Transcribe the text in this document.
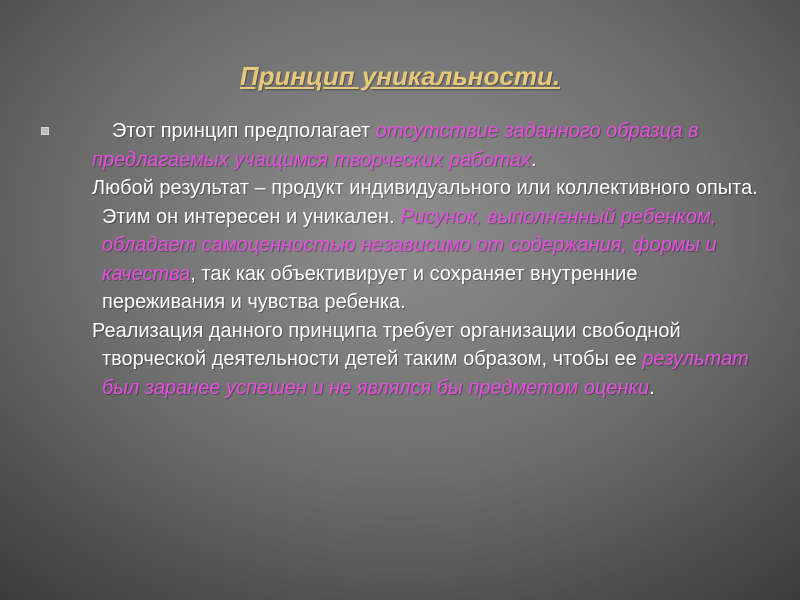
Принцип уникальности.

Этот принцип предполагает отсутствие заданного образца в предлагаемых учащимся творческих работах.

Любой результат – продукт индивидуального или коллективного опыта. Этим он интересен и уникален. Рисунок, выполненный ребенком, обладает самоценностью независимо от содержания, формы и качества, так как объективирует и сохраняет внутренние переживания и чувства ребенка.

Реализация данного принципа требует организации свободной творческой деятельности детей таким образом, чтобы ее результат был заранее успешен и не являлся бы предметом оценки.
